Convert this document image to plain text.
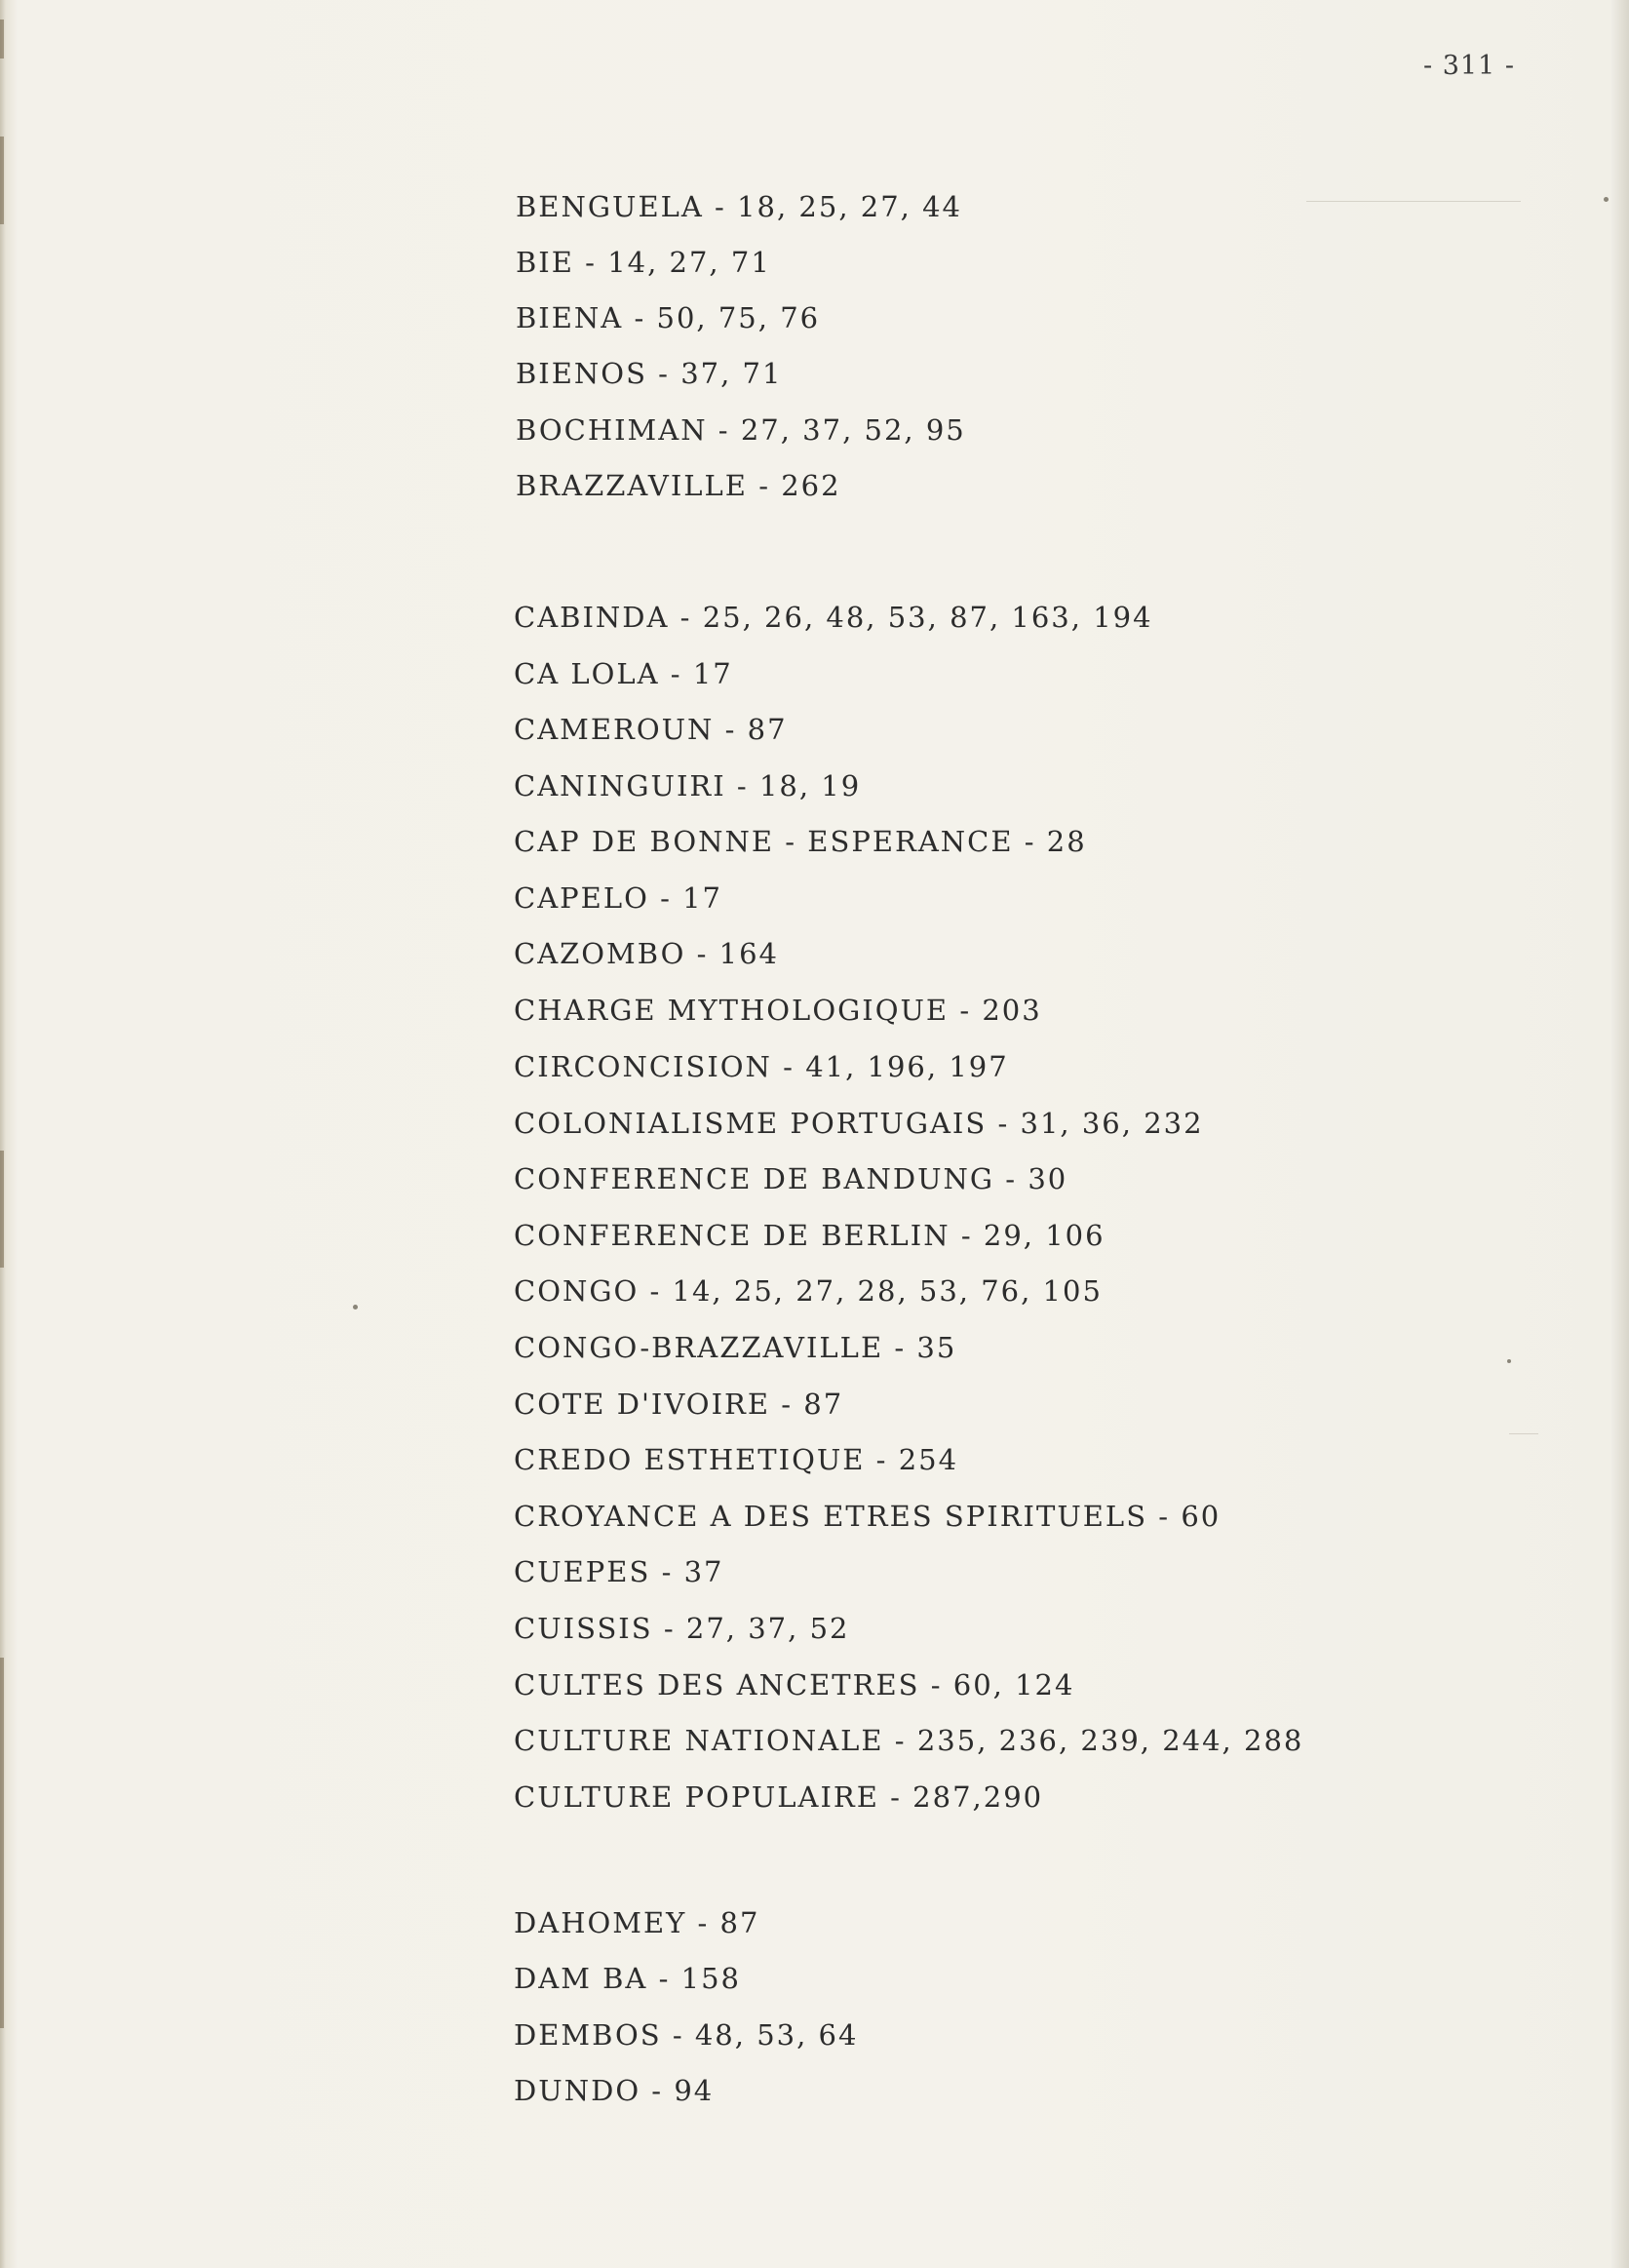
- 311 -
BENGUELA - 18, 25, 27, 44
BIE - 14, 27, 71
BIENA - 50, 75, 76
BIENOS - 37, 71
BOCHIMAN - 27, 37, 52, 95
BRAZZAVILLE - 262
CABINDA - 25, 26, 48, 53, 87, 163, 194
CA LOLA - 17
CAMEROUN - 87
CANINGUIRI - 18, 19
CAP DE BONNE - ESPERANCE - 28
CAPELO - 17
CAZOMBO - 164
CHARGE MYTHOLOGIQUE - 203
CIRCONCISION - 41, 196, 197
COLONIALISME PORTUGAIS - 31, 36, 232
CONFERENCE DE BANDUNG - 30
CONFERENCE DE BERLIN - 29, 106
CONGO - 14, 25, 27, 28, 53, 76, 105
CONGO-BRAZZAVILLE - 35
COTE D'IVOIRE - 87
CREDO ESTHETIQUE - 254
CROYANCE A DES ETRES SPIRITUELS - 60
CUEPES - 37
CUISSIS - 27, 37, 52
CULTES DES ANCETRES - 60, 124
CULTURE NATIONALE - 235, 236, 239, 244, 288
CULTURE POPULAIRE - 287,290
DAHOMEY - 87
DAM BA - 158
DEMBOS - 48, 53, 64
DUNDO - 94
